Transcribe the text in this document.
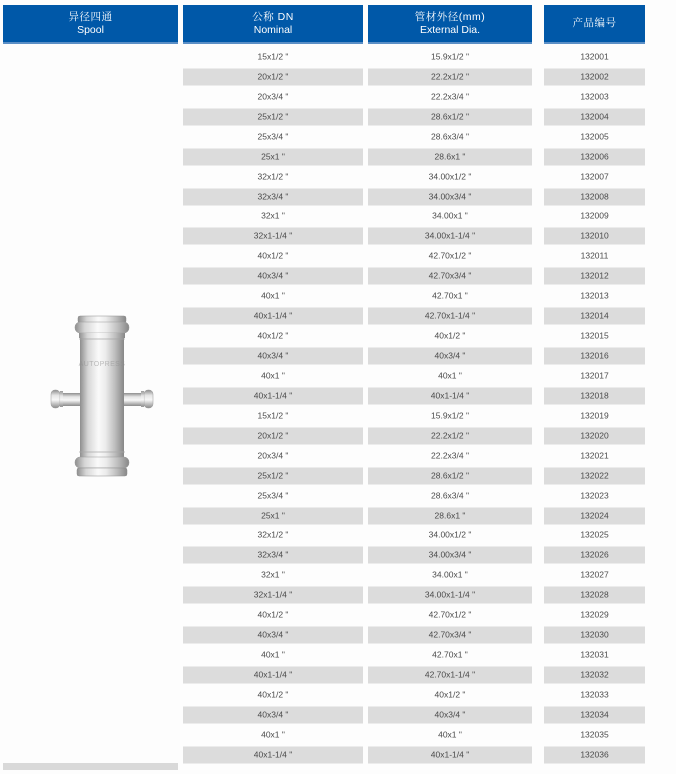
异径四通
Spool
公称 DN
Nominal
管材外径(mm)
External Dia.
产品编号
15x1/2 "	15.9x1/2 "	132001
20x1/2 "	22.2x1/2 "	132002
20x3/4 "	22.2x3/4 "	132003
25x1/2 "	28.6x1/2 "	132004
25x3/4 "	28.6x3/4 "	132005
25x1 "	28.6x1 "	132006
32x1/2 "	34.00x1/2 "	132007
32x3/4 "	34.00x3/4 "	132008
32x1 "	34.00x1 "	132009
32x1-1/4 "	34.00x1-1/4 "	132010
40x1/2 "	42.70x1/2 "	132011
40x3/4 "	42.70x3/4 "	132012
40x1 "	42.70x1 "	132013
40x1-1/4 "	42.70x1-1/4 "	132014
40x1/2 "	40x1/2 "	132015
40x3/4 "	40x3/4 "	132016
40x1 "	40x1 "	132017
40x1-1/4 "	40x1-1/4 "	132018
15x1/2 "	15.9x1/2 "	132019
20x1/2 "	22.2x1/2 "	132020
20x3/4 "	22.2x3/4 "	132021
25x1/2 "	28.6x1/2 "	132022
25x3/4 "	28.6x3/4 "	132023
25x1 "	28.6x1 "	132024
32x1/2 "	34.00x1/2 "	132025
32x3/4 "	34.00x3/4 "	132026
32x1 "	34.00x1 "	132027
32x1-1/4 "	34.00x1-1/4 "	132028
40x1/2 "	42.70x1/2 "	132029
40x3/4 "	42.70x3/4 "	132030
40x1 "	42.70x1 "	132031
40x1-1/4 "	42.70x1-1/4 "	132032
40x1/2 "	40x1/2 "	132033
40x3/4 "	40x3/4 "	132034
40x1 "	40x1 "	132035
40x1-1/4 "	40x1-1/4 "	132036
AUTOPRESS
